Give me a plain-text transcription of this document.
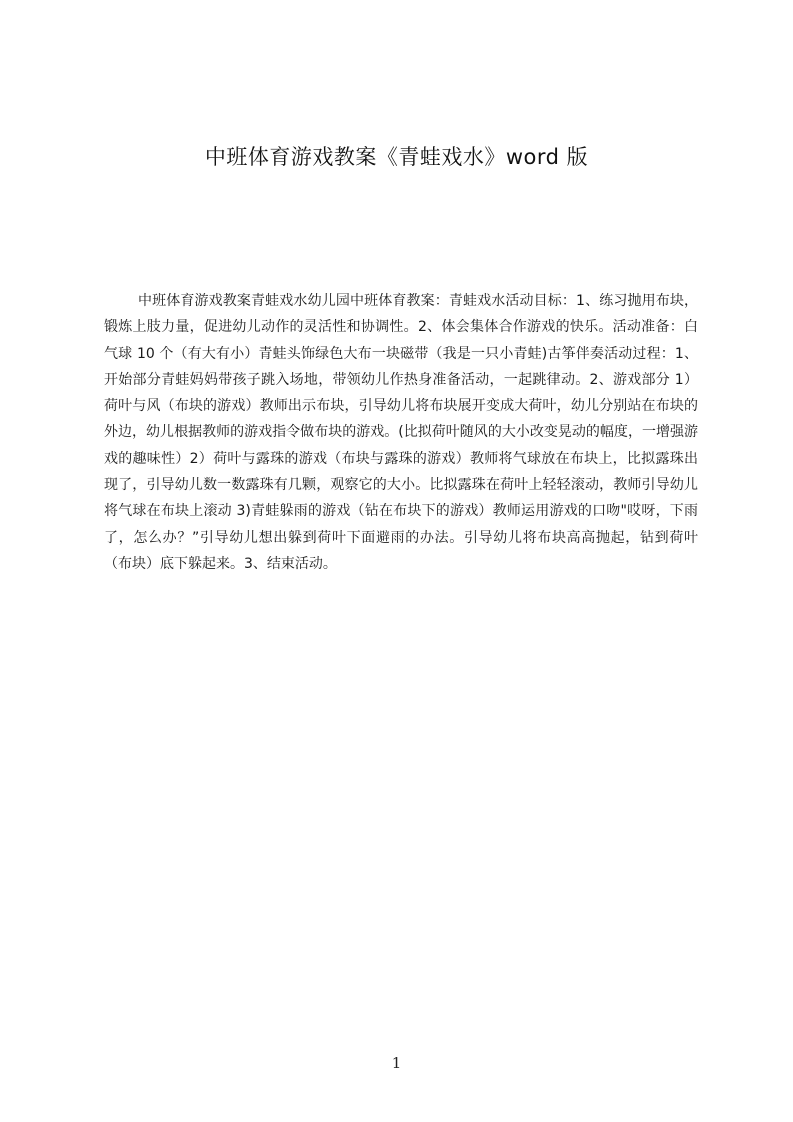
中班体育游戏教案《青蛙戏水》word 版
中班体育游戏教案青蛙戏水幼儿园中班体育教案：青蛙戏水活动目标：1、练习抛用布块，锻炼上肢力量，促进幼儿动作的灵活性和协调性。2、体会集体合作游戏的快乐。活动准备：白气球 10 个（有大有小）青蛙头饰绿色大布一块磁带（我是一只小青蛙)古筝伴奏活动过程：1、开始部分青蛙妈妈带孩子跳入场地，带领幼儿作热身准备活动，一起跳律动。2、游戏部分 1）荷叶与风（布块的游戏）教师出示布块，引导幼儿将布块展开变成大荷叶，幼儿分别站在布块的外边，幼儿根据教师的游戏指令做布块的游戏。(比拟荷叶随风的大小改变晃动的幅度，一增强游戏的趣味性）2）荷叶与露珠的游戏（布块与露珠的游戏）教师将气球放在布块上，比拟露珠出现了，引导幼儿数一数露珠有几颗，观察它的大小。比拟露珠在荷叶上轻轻滚动，教师引导幼儿将气球在布块上滚动 3)青蛙躲雨的游戏（钻在布块下的游戏）教师运用游戏的口吻"哎呀，下雨了，怎么办？”引导幼儿想出躲到荷叶下面避雨的办法。引导幼儿将布块高高抛起，钻到荷叶（布块）底下躲起来。3、结束活动。
1
